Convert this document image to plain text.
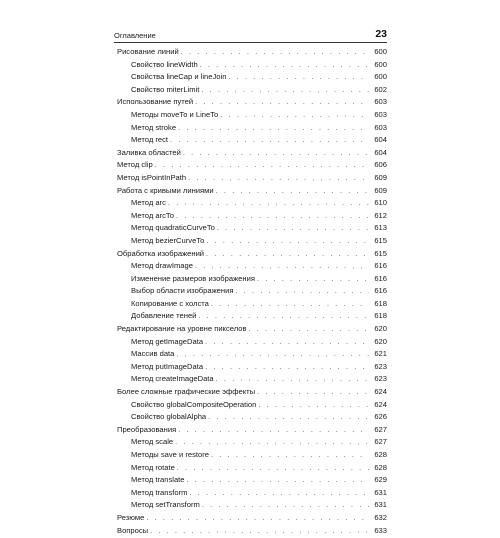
Оглавление	23
Рисование линий . . .	600
Свойство lineWidth . . .	600
Свойства lineCap и lineJoin . . .	600
Свойство miterLimit . . .	602
Использование путей . . .	603
Методы moveTo и LineTo . . .	603
Метод stroke . . .	603
Метод rect . . .	604
Заливка областей . . .	604
Метод clip . . .	606
Метод isPointInPath . . .	609
Работа с кривыми линиями . . .	609
Метод arc . . .	610
Метод arcTo . . .	612
Метод quadraticCurveTo . . .	613
Метод bezierCurveTo . . .	615
Обработка изображений . . .	615
Метод drawImage . . .	616
Изменение размеров изображения . . .	616
Выбор области изображения . . .	616
Копирование с холста . . .	618
Добавление теней . . .	618
Редактирование на уровне пикселов . . .	620
Метод getImageData . . .	620
Массив data . . .	621
Метод putImageData . . .	623
Метод createImageData . . .	623
Более сложные графические эффекты . . .	624
Свойство globalCompositeOperation . . .	624
Свойство globalAlpha . . .	626
Преобразования . . .	627
Метод scale . . .	627
Методы save и restore . . .	628
Метод rotate . . .	628
Метод translate . . .	629
Метод transform . . .	631
Метод setTransform . . .	631
Резюме . . .	632
Вопросы . . .	633
